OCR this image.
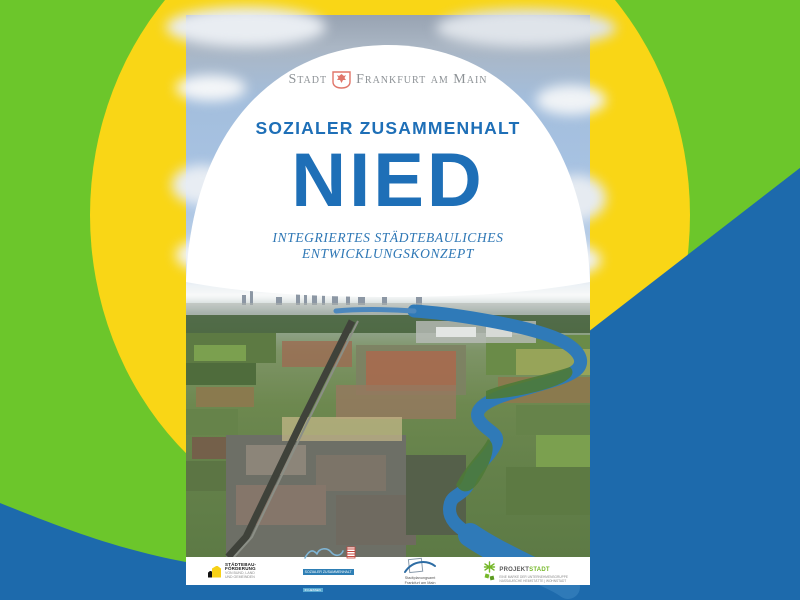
Stadt Frankfurt am Main
SOZIALER ZUSAMMENHALT
NIED
INTEGRIERTES STÄDTEBAULICHES
ENTWICKLUNGSKONZEPT
STÄDTEBAU-
FÖRDERUNG
VON BUND, LAND
UND GEMEINDEN
SOZIALER ZUSAMMENHALT
IN HESSEN
Stadtplanungsamt
Frankfurt am Main
PROJEKTSTADT
EINE MARKE DER UNTERNEHMENSGRUPPE
NASSAUISCHE HEIMSTÄTTE | WOHNSTADT
